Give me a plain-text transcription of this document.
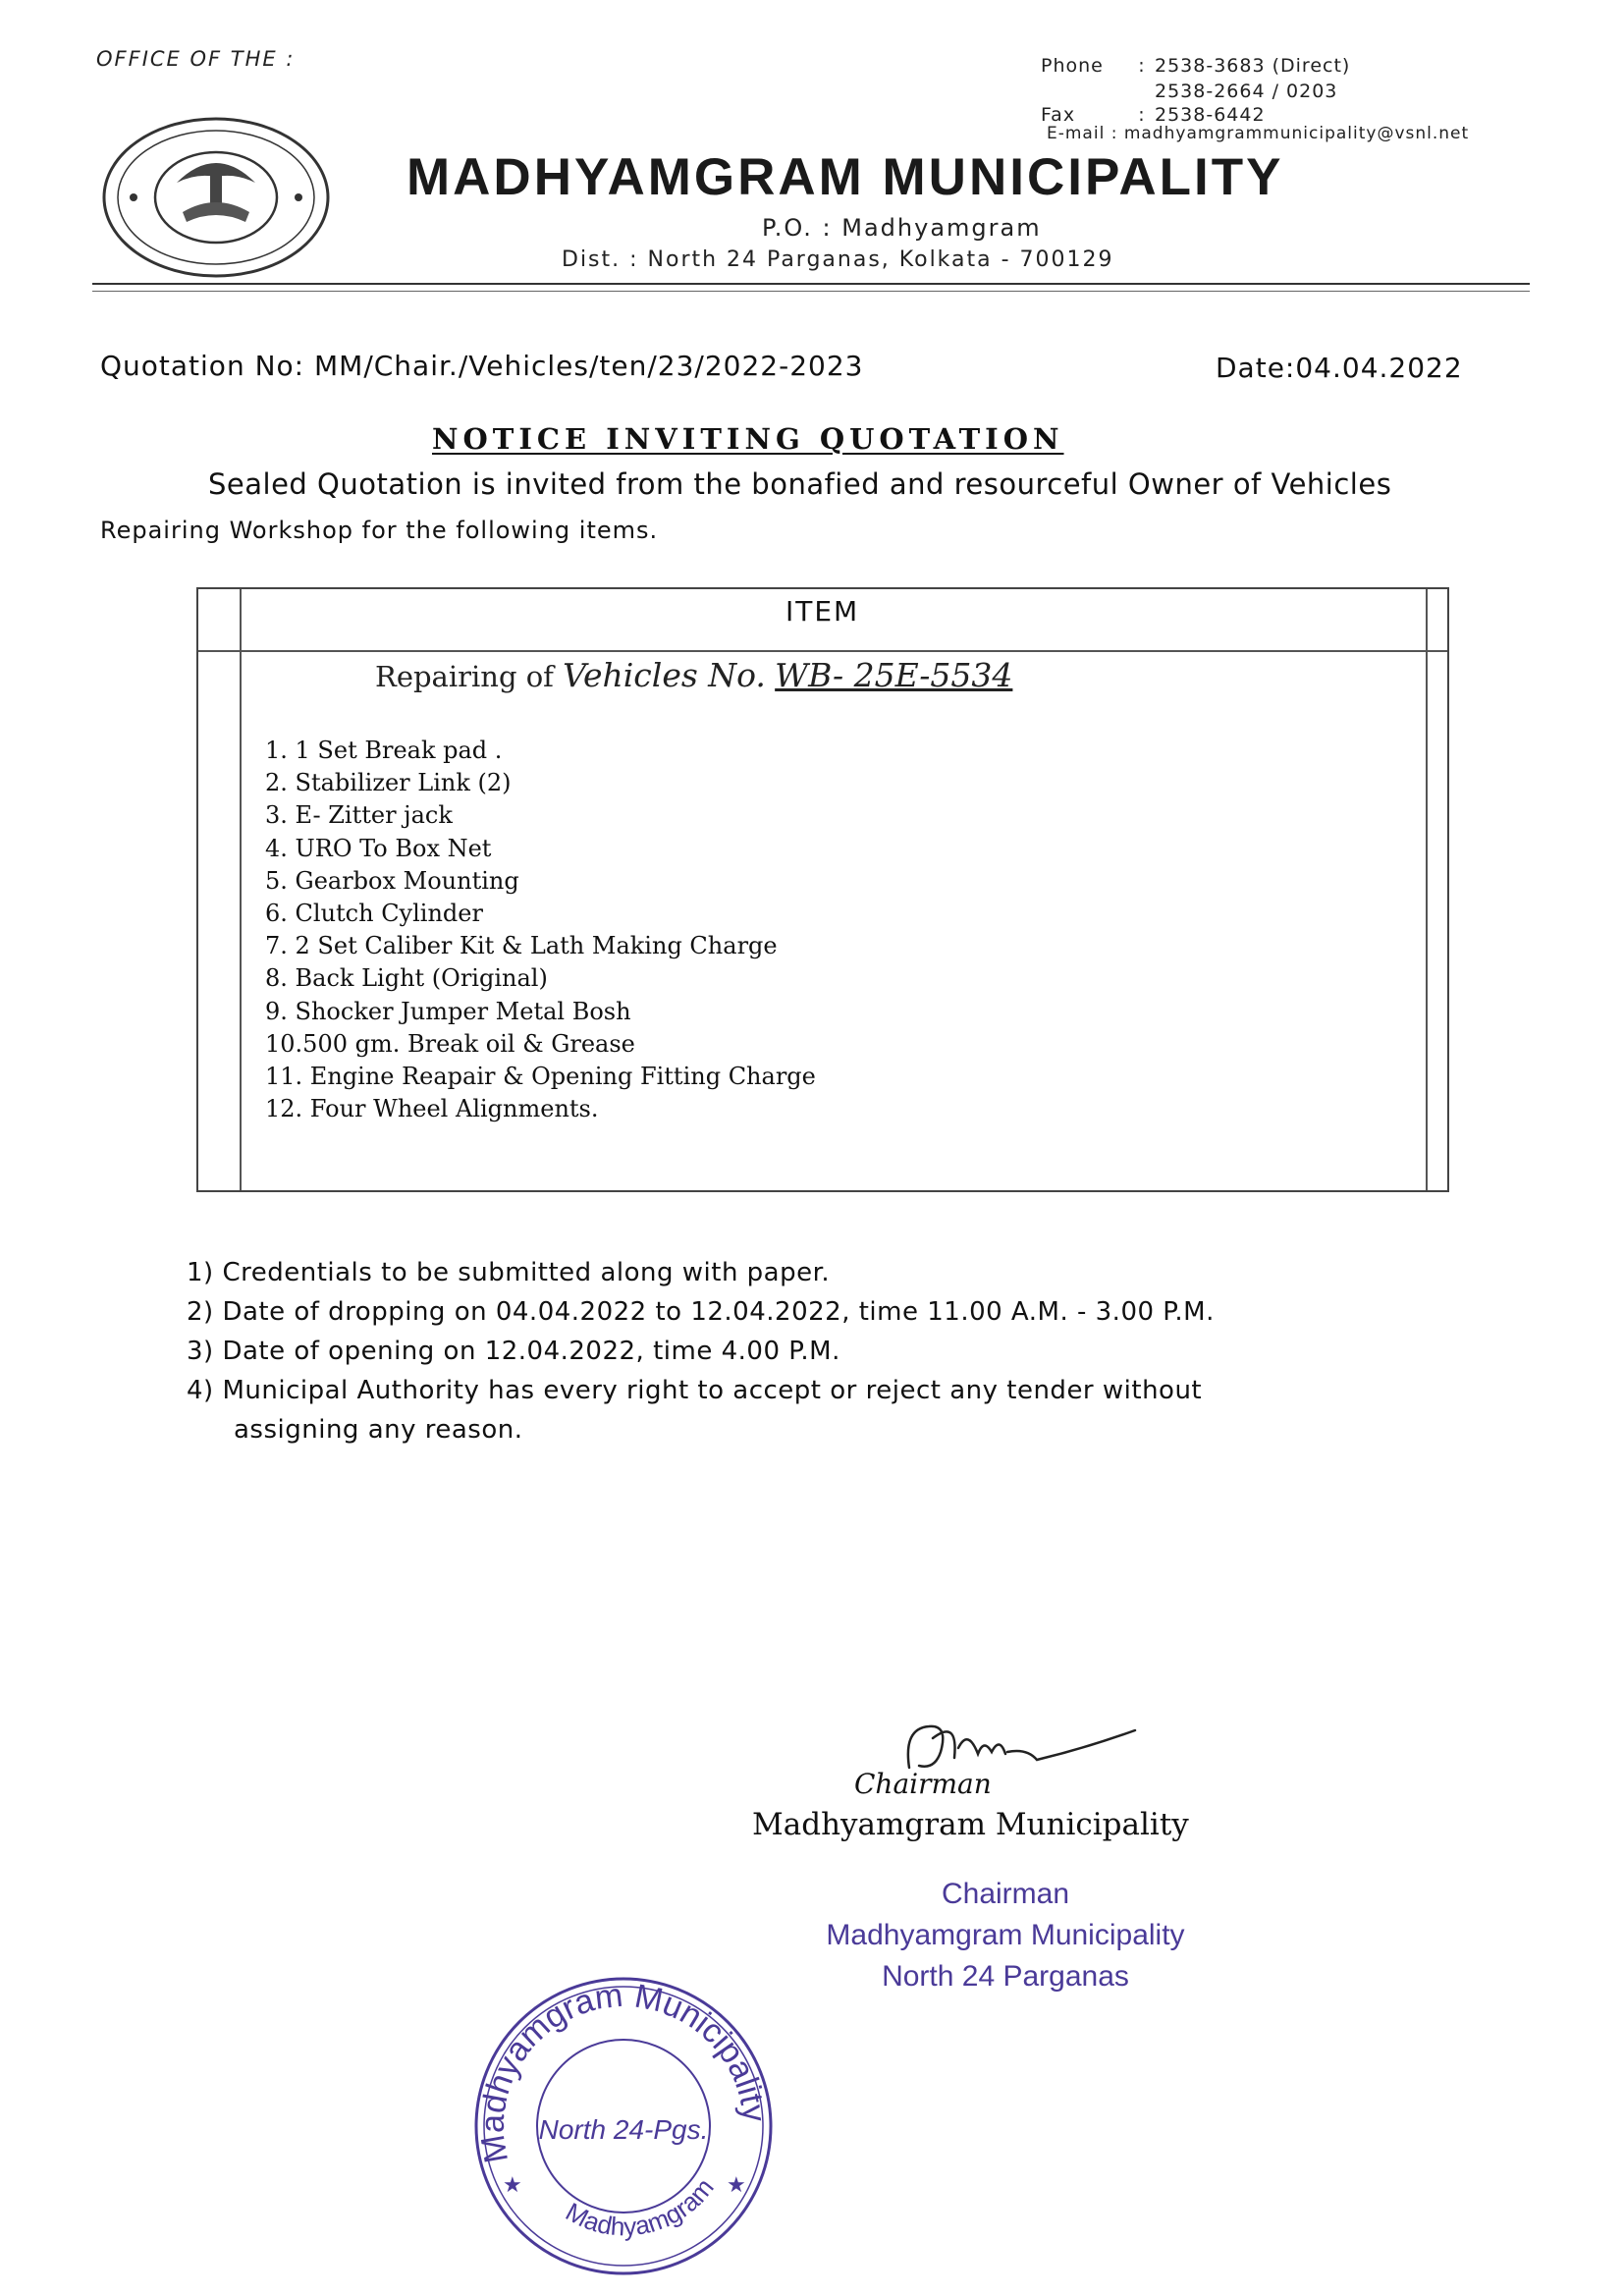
OFFICE OF THE :	Phone	: 2538-3683 (Direct)
2538-2664 / 0203
Fax	: 2538-6442
E-mail : madhyamgrammunicipality@vsnl.net
MADHYAMGRAM MUNICIPALITY
P.O. : Madhyamgram
Dist. : North 24 Parganas, Kolkata - 700129
Quotation No: MM/Chair./Vehicles/ten/23/2022-2023	Date:04.04.2022
NOTICE INVITING QUOTATION
Sealed Quotation is invited from the bonafied and resourceful Owner of Vehicles
Repairing Workshop for the following items.
ITEM
Repairing of Vehicles No. WB- 25E-5534
1. 1 Set Break pad .
2. Stabilizer Link (2)
3. E- Zitter jack
4. URO To Box Net
5. Gearbox Mounting
6. Clutch Cylinder
7. 2 Set Caliber Kit & Lath Making Charge
8. Back Light (Original)
9. Shocker Jumper Metal Bosh
10.500 gm. Break oil & Grease
11. Engine Reapair & Opening Fitting Charge
12. Four Wheel Alignments.
1) Credentials to be submitted along with paper.
2) Date of dropping on 04.04.2022 to 12.04.2022, time 11.00 A.M. - 3.00 P.M.
3) Date of opening on 12.04.2022, time 4.00 P.M.
4) Municipal Authority has every right to accept or reject any tender without
assigning any reason.
Chairman
Madhyamgram Municipality
Chairman
Madhyamgram Municipality
North 24 Parganas
Madhyamgram Municipality
Madhyamgram
North 24-Pgs.
★	★
